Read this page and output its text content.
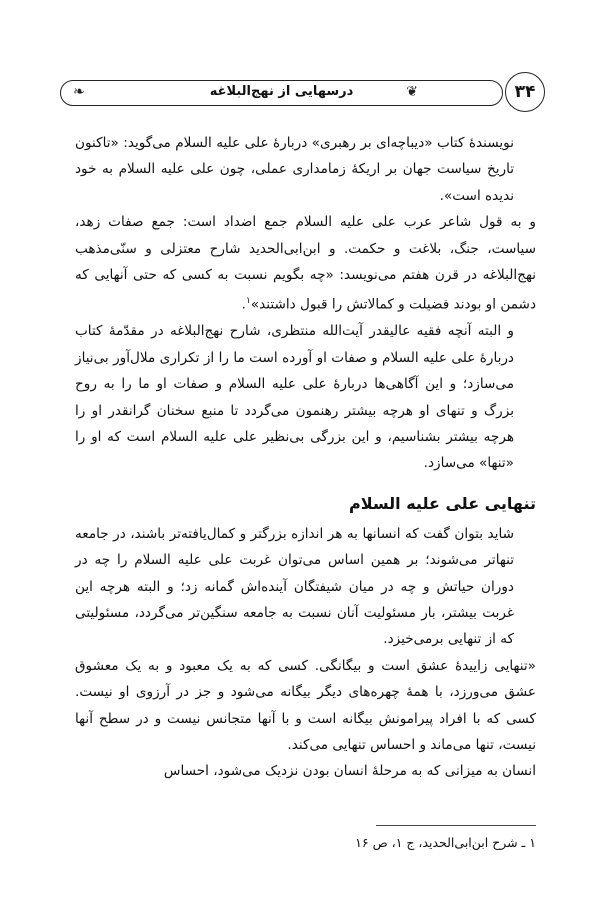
❦
درسهایی از نهج‌البلاغه
❧	۳۴

نویسندهٔ کتاب «دیباچه‌ای بر رهبری» دربارهٔ علی علیه السلام می‌گوید: «تاکنون تاریخ سیاست جهان بر اریکهٔ زمامداری عملی، چون علی علیه السلام به خود ندیده است».

و به قول شاعر عرب علی علیه السلام جمع اضداد است: جمع صفات زهد، سیاست، جنگ، بلاغت و حکمت. و ابن‌ابی‌الحدید شارح معتزلی و سنّی‌مذهب نهج‌البلاغه در قرن هفتم می‌نویسد: «چه بگویم نسبت به کسی که حتی آنهایی که دشمن او بودند فضیلت و کمالاتش را قبول داشتند»$^۱$.

و البته آنچه فقیه عالیقدر آیت‌الله منتظری، شارح نهج‌البلاغه در مقدّمهٔ کتاب دربارهٔ علی علیه السلام و صفات او آورده است ما را از تکراری ملال‌آور بی‌نیاز می‌سازد؛ و این آگاهی‌ها دربارهٔ علی علیه السلام و صفات او ما را به روح بزرگ و تنهای او هرچه بیشتر رهنمون می‌گردد تا منبع سخنان گرانقدر او را هرچه بیشتر بشناسیم، و این بزرگی بی‌نظیر علی علیه السلام است که او را «تنها» می‌سازد.

تنهایی علی علیه السلام

شاید بتوان گفت که انسانها به هر اندازه بزرگتر و کمال‌یافته‌تر باشند، در جامعه تنهاتر می‌شوند؛ بر همین اساس می‌توان غربت علی علیه السلام را چه در دوران حیاتش و چه در میان شیفتگان آینده‌اش گمانه زد؛ و البته هرچه این غربت بیشتر، بار مسئولیت آنان نسبت به جامعه سنگین‌تر می‌گردد، مسئولیتی که از تنهایی برمی‌خیزد.

«تنهایی زاییدهٔ عشق است و بیگانگی. کسی که به یک معبود و به یک معشوق عشق می‌ورزد، با همهٔ چهره‌های دیگر بیگانه می‌شود و جز در آرزوی او نیست. کسی که با افراد پیرامونش بیگانه است و با آنها متجانس نیست و در سطح آنها نیست، تنها می‌ماند و احساس تنهایی می‌کند.

انسان به میزانی که به مرحلهٔ انسان بودن نزدیک می‌شود، احساس

۱ ـ شرح ابن‌ابی‌الحدید، ج ۱، ص ۱۶
